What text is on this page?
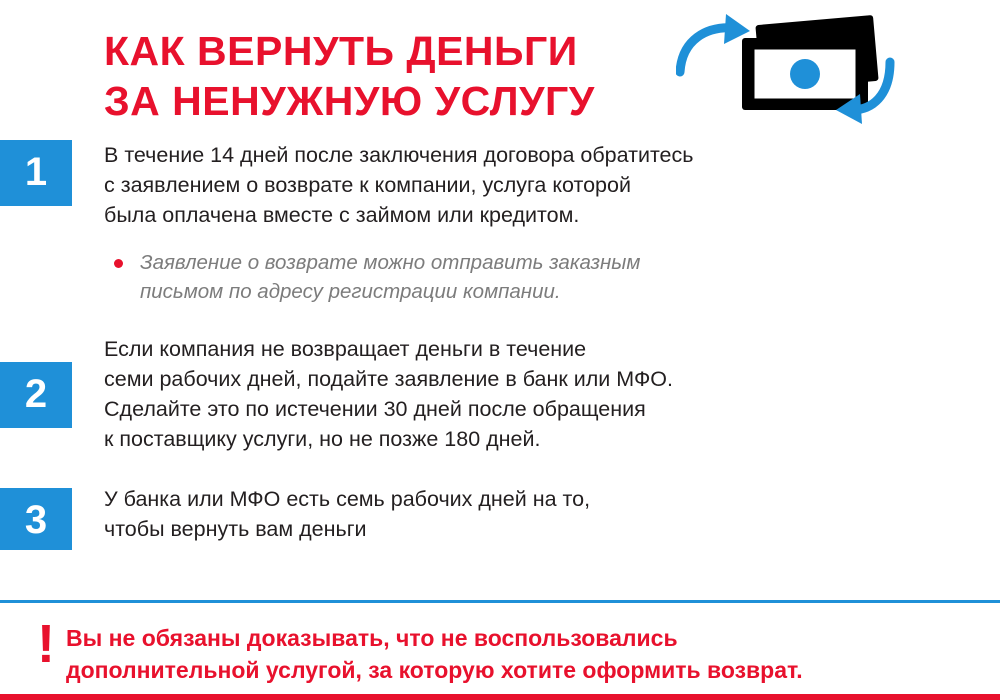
КАК ВЕРНУТЬ ДЕНЬГИ
ЗА НЕНУЖНУЮ УСЛУГУ
1	В течение 14 дней после заключения договора обратитесь
с заявлением о возврате к компании, услуга которой
была оплачена вместе с займом или кредитом.
Заявление о возврате можно отправить заказным
письмом по адресу регистрации компании.
2
Если компания не возвращает деньги в течение
семи рабочих дней, подайте заявление в банк или МФО.
Сделайте это по истечении 30 дней после обращения
к поставщику услуги, но не позже 180 дней.
3	У банка или МФО есть семь рабочих дней на то,
чтобы вернуть вам деньги
! Вы не обязаны доказывать, что не воспользовались
дополнительной услугой, за которую хотите оформить возврат.
